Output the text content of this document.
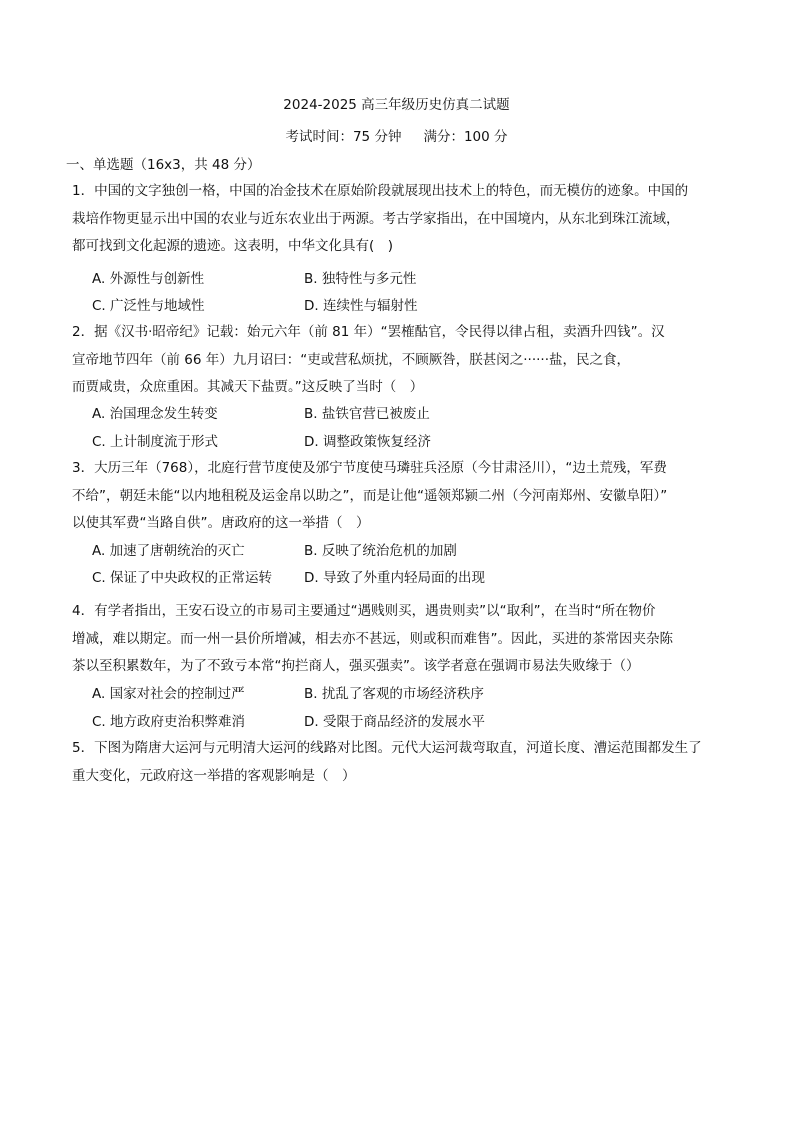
2024-2025 高三年级历史仿真二试题
考试时间：75 分钟 满分：100 分
一、单选题（16x3，共 48 分）
1．中国的文字独创一格，中国的冶金技术在原始阶段就展现出技术上的特色，而无模仿的迹象。中国的
栽培作物更显示出中国的农业与近东农业出于两源。考古学家指出，在中国境内，从东北到珠江流域，
都可找到文化起源的遗迹。这表明，中华文化具有(　)
A. 外源性与创新性	B. 独特性与多元性
C. 广泛性与地域性	D. 连续性与辐射性
2．据《汉书·昭帝纪》记载：始元六年（前 81 年）“罢榷酤官，令民得以律占租，卖酒升四钱”。汉
宣帝地节四年（前 66 年）九月诏曰：“吏或营私烦扰，不顾厥咎，朕甚闵之······盐，民之食，
而贾咸贵，众庶重困。其减天下盐贾。”这反映了当时（　）
A. 治国理念发生转变	B. 盐铁官营已被废止
C. 上计制度流于形式	D. 调整政策恢复经济
3．大历三年（768），北庭行营节度使及邠宁节度使马璘驻兵泾原（今甘肃泾川），“边土荒残，军费
不给”，朝廷未能“以内地租税及运金帛以助之”，而是让他“遥领郑颍二州（今河南郑州、安徽阜阳）”
以使其军费“当路自供”。唐政府的这一举措（　）
A. 加速了唐朝统治的灭亡	B. 反映了统治危机的加剧
C. 保证了中央政权的正常运转 D. 导致了外重内轻局面的出现
4．有学者指出，王安石设立的市易司主要通过“遇贱则买，遇贵则卖”以“取利”，在当时“所在物价
增减，难以期定。而一州一县价所增减，相去亦不甚远，则或积而难售”。因此，买进的茶常因夹杂陈
茶以至积累数年，为了不致亏本常“拘拦商人，强买强卖”。该学者意在强调市易法失败缘于（）
A. 国家对社会的控制过严	B. 扰乱了客观的市场经济秩序
C. 地方政府吏治积弊难消	D. 受限于商品经济的发展水平
5．下图为隋唐大运河与元明清大运河的线路对比图。元代大运河裁弯取直，河道长度、漕运范围都发生了
重大变化，元政府这一举措的客观影响是（　）
